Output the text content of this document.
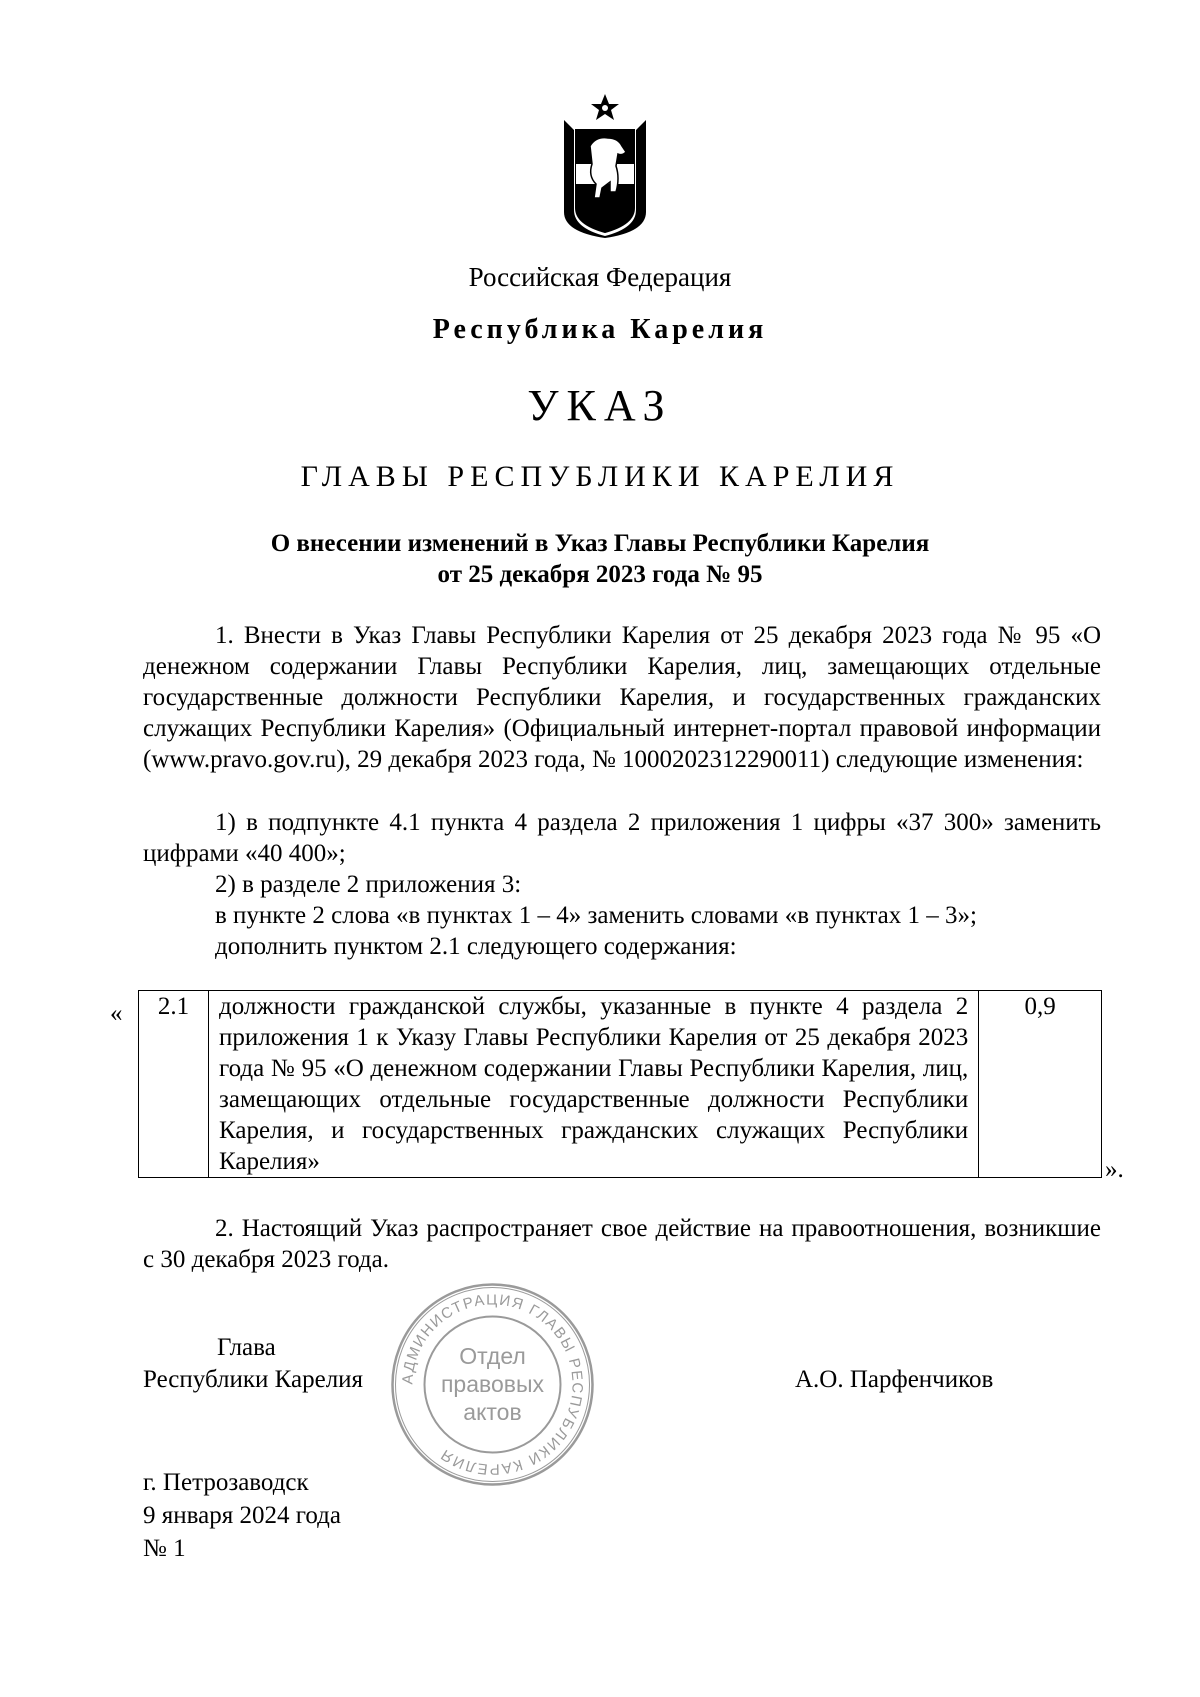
Российская Федерация
Республика Карелия
УКАЗ
ГЛАВЫ РЕСПУБЛИКИ КАРЕЛИЯ
О внесении изменений в Указ Главы Республики Карелия
от 25 декабря 2023 года № 95
1. Внести в Указ Главы Республики Карелия от 25 декабря 2023 года № 95 «О денежном содержании Главы Республики Карелия, лиц, замещающих отдельные государственные должности Республики Карелия, и государственных гражданских служащих Республики Карелия» (Официальный интернет-портал правовой информации (www.pravo.gov.ru), 29 декабря 2023 года, № 1000202312290011) следующие изменения:
1) в подпункте 4.1 пункта 4 раздела 2 приложения 1 цифры «37 300» заменить цифрами «40 400»;
2) в разделе 2 приложения 3:
в пункте 2 слова «в пунктах 1 – 4» заменить словами «в пунктах 1 – 3»;
дополнить пунктом 2.1 следующего содержания:
« 2.1	должности гражданской службы, указанные в пункте 4 раздела 2 приложения 1 к Указу Главы Республики Карелия от 25 декабря 2023 года № 95 «О денежном содержании Главы Республики Карелия, лиц, замещающих отдельные государственные должности Республики Карелия, и государственных гражданских служащих Республики Карелия»	0,9
».
2. Настоящий Указ распространяет свое действие на правоотношения, возникшие с 30 декабря 2023 года.
Глава
Республики Карелия	А.О. Парфенчиков
АДМИНИСТРАЦИЯ ГЛАВЫ РЕСПУБЛИКИ КАРЕЛИЯ
Отдел
правовых
актов
г. Петрозаводск
9 января 2024 года
№ 1
